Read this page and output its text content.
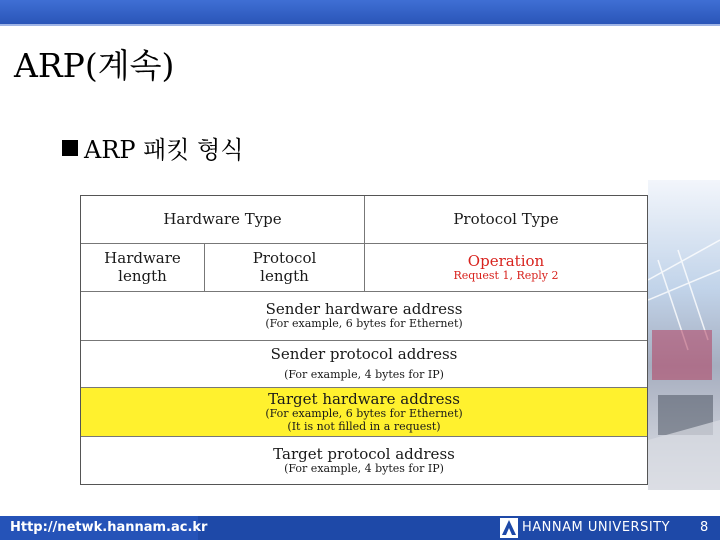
ARP(계속)
ARP 패킷 형식
Hardware Type	Protocol Type
Hardware
length
Protocol
length
Operation
Request 1, Reply 2
Sender hardware address
(For example, 6 bytes for Ethernet)
Sender protocol address
(For example, 4 bytes for IP)
Target hardware address
(For example, 6 bytes for Ethernet)
(It is not filled in a request)
Target protocol address
(For example, 4 bytes for IP)
Http://netwk.hannam.ac.kr	HANNAM UNIVERSITY 8
